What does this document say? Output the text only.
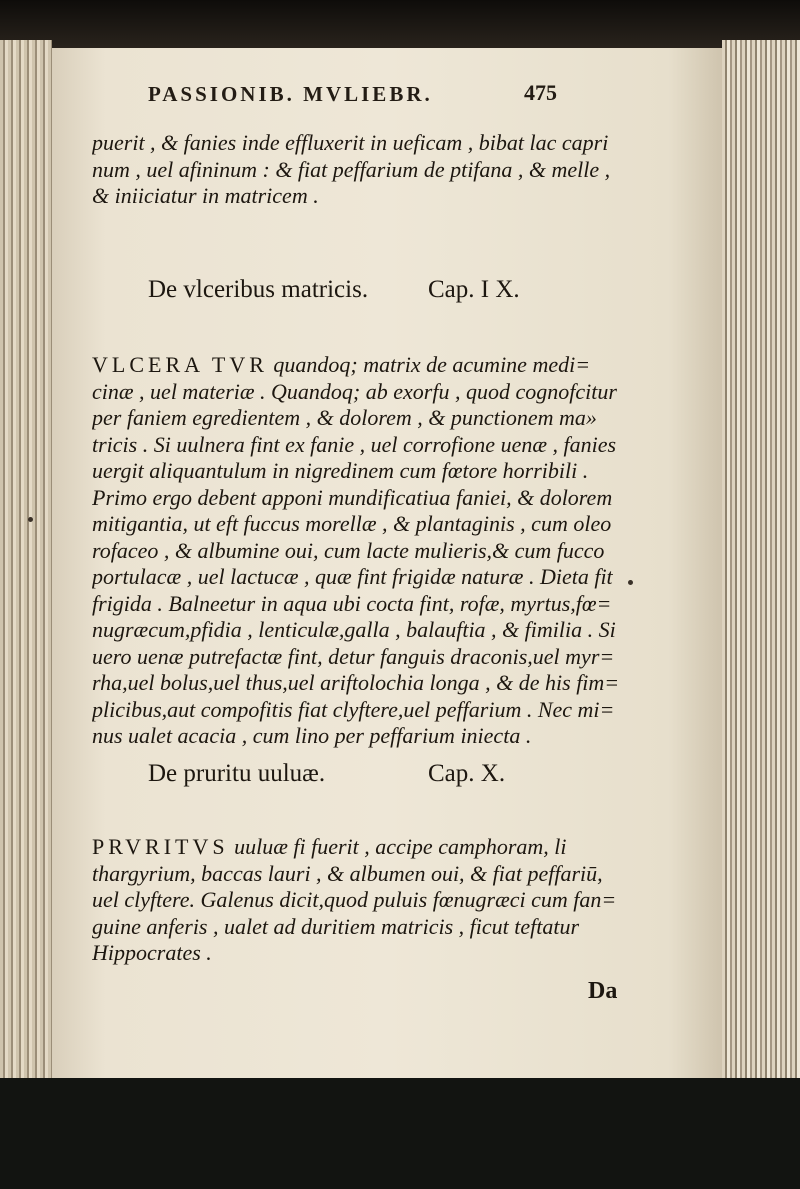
PASSIONIB. MVLIEBR.	475
puerit , & fanies inde effluxerit in ueficam , bibat lac capri
num , uel afininum : & fiat peffarium de ptifana , & melle ,
& iniiciatur in matricem .
De vlceribus matricis. Cap. I X.
VLCERA TVR quandoq; matrix de acumine medi=
cinæ , uel materiæ . Quandoq; ab exorfu , quod cognofcitur
per faniem egredientem , & dolorem , & punctionem ma»
tricis . Si uulnera fint ex fanie , uel corrofione uenæ , fanies
uergit aliquantulum in nigredinem cum fœtore horribili .
Primo ergo debent apponi mundificatiua faniei, & dolorem
mitigantia, ut eft fuccus morellæ , & plantaginis , cum oleo
rofaceo , & albumine oui, cum lacte mulieris,& cum fucco
portulacæ , uel lactucæ , quæ fint frigidæ naturæ . Dieta fit
frigida . Balneetur in aqua ubi cocta fint, rofæ, myrtus,fœ=
nugræcum,pfidia , lenticulæ,galla , balauftia , & fimilia . Si
uero uenæ putrefactæ fint, detur fanguis draconis,uel myr=
rha,uel bolus,uel thus,uel ariftolochia longa , & de his fim=
plicibus,aut compofitis fiat clyftere,uel peffarium . Nec mi=
nus ualet acacia , cum lino per peffarium iniecta .
De pruritu uuluæ.	Cap. X.
PRVRITVS uuluæ fi fuerit , accipe camphoram, li
thargyrium, baccas lauri , & albumen oui, & fiat peffariū,
uel clyftere. Galenus dicit,quod puluis fœnugræci cum fan=
guine anferis , ualet ad duritiem matricis , ficut teftatur
Hippocrates .
Da
